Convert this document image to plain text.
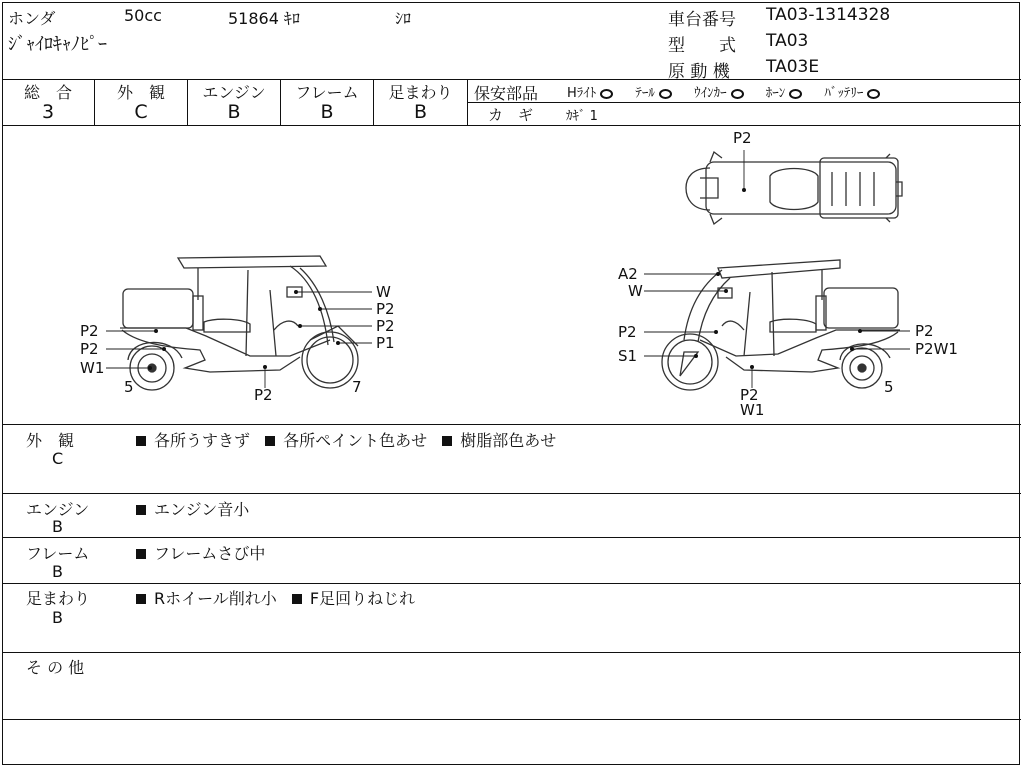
ホンダ	50cc	51864 ｷﾛ	ｼﾛ
ｼﾞｬｲﾛｷｬﾉﾋﾟｰ
車台番号 TA03-1314328
型　　式 TA03
原 動 機 TA03E
総　合
3
外　観
C
エンジン
B
フレーム
B
足まわり
B
保安部品 Hﾗｲﾄ	ﾃｰﾙ	ｳｲﾝｶｰ	ﾎｰﾝ	ﾊﾞｯﾃﾘｰ
カ　ギ	ｶｷﾞ 1
P2
W
P2
P2
P2
P1
P2
W1
5	P2	7
A2
W
P2	P2
S1	P2W1
P2
W1
5
外　観
C
各所うすきず 各所ペイント色あせ 樹脂部色あせ
エンジン
B
エンジン音小
フレーム
B
フレームさび中
足まわり
B
Rホイール削れ小 F足回りねじれ
そ の 他
